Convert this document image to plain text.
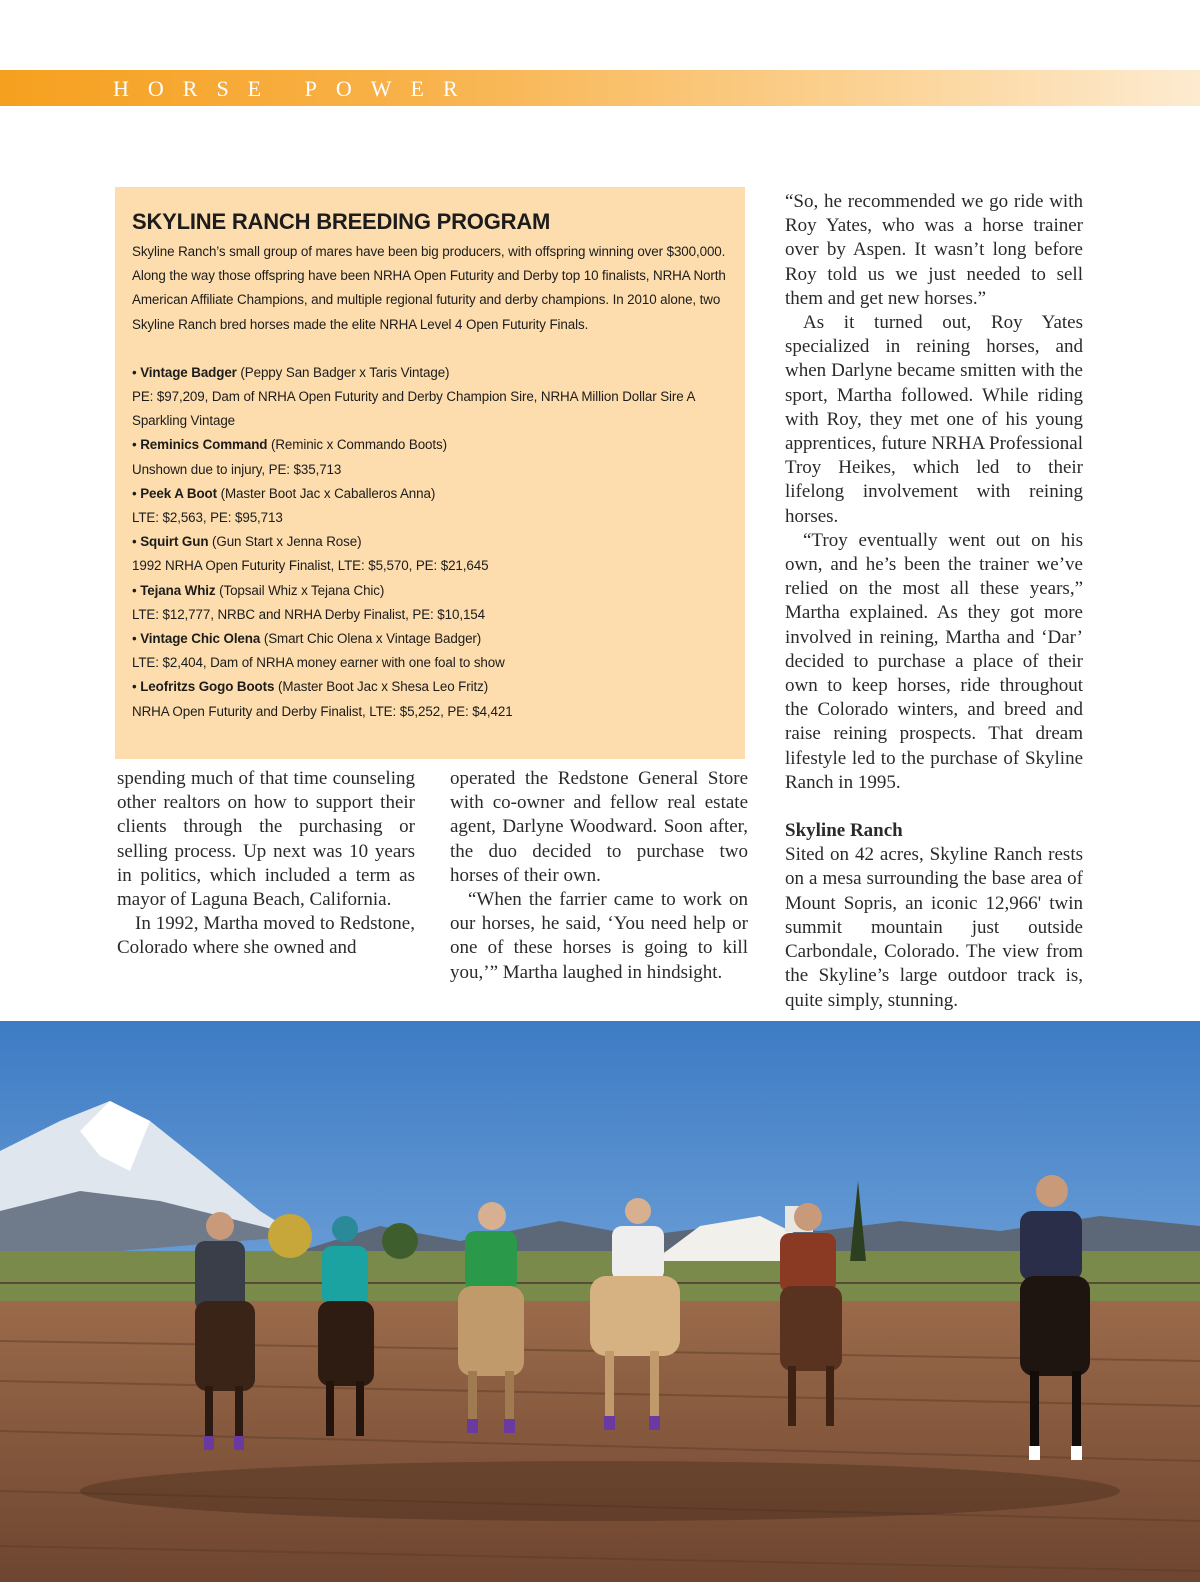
HORSE POWER
SKYLINE RANCH BREEDING PROGRAM

Skyline Ranch’s small group of mares have been big producers, with offspring winning over $300,000. Along the way those offspring have been NRHA Open Futurity and Derby top 10 finalists, NRHA North American Affiliate Champions, and multiple regional futurity and derby champions. In 2010 alone, two Skyline Ranch bred horses made the elite NRHA Level 4 Open Futurity Finals.

• Vintage Badger (Peppy San Badger x Taris Vintage)
PE: $97,209, Dam of NRHA Open Futurity and Derby Champion Sire, NRHA Million Dollar Sire A Sparkling Vintage
• Reminics Command (Reminic x Commando Boots)
Unshown due to injury, PE: $35,713
• Peek A Boot (Master Boot Jac x Caballeros Anna)
LTE: $2,563, PE: $95,713
• Squirt Gun (Gun Start x Jenna Rose)
1992 NRHA Open Futurity Finalist, LTE: $5,570, PE: $21,645
• Tejana Whiz (Topsail Whiz x Tejana Chic)
LTE: $12,777, NRBC and NRHA Derby Finalist, PE: $10,154
• Vintage Chic Olena (Smart Chic Olena x Vintage Badger)
LTE: $2,404, Dam of NRHA money earner with one foal to show
• Leofritzs Gogo Boots (Master Boot Jac x Shesa Leo Fritz)
NRHA Open Futurity and Derby Finalist, LTE: $5,252, PE: $4,421

spending much of that time counseling other realtors on how to support their clients through the purchasing or selling process. Up next was 10 years in politics, which included a term as mayor of Laguna Beach, California.

In 1992, Martha moved to Redstone, Colorado where she owned and

operated the Redstone General Store with co-owner and fellow real estate agent, Darlyne Woodward. Soon after, the duo decided to purchase two horses of their own.

“When the farrier came to work on our horses, he said, ‘You need help or one of these horses is going to kill you,’” Martha laughed in hindsight.

“So, he recommended we go ride with Roy Yates, who was a horse trainer over by Aspen. It wasn’t long before Roy told us we just needed to sell them and get new horses.”

As it turned out, Roy Yates specialized in reining horses, and when Darlyne became smitten with the sport, Martha followed. While riding with Roy, they met one of his young apprentices, future NRHA Professional Troy Heikes, which led to their lifelong involvement with reining horses.

“Troy eventually went out on his own, and he’s been the trainer we’ve relied on the most all these years,” Martha explained. As they got more involved in reining, Martha and ‘Dar’ decided to purchase a place of their own to keep horses, ride throughout the Colorado winters, and breed and raise reining prospects. That dream lifestyle led to the purchase of Skyline Ranch in 1995.

Skyline Ranch

Sited on 42 acres, Skyline Ranch rests on a mesa surrounding the base area of Mount Sopris, an iconic 12,966' twin summit mountain just outside Carbondale, Colorado. The view from the Skyline’s large outdoor track is, quite simply, stunning.
